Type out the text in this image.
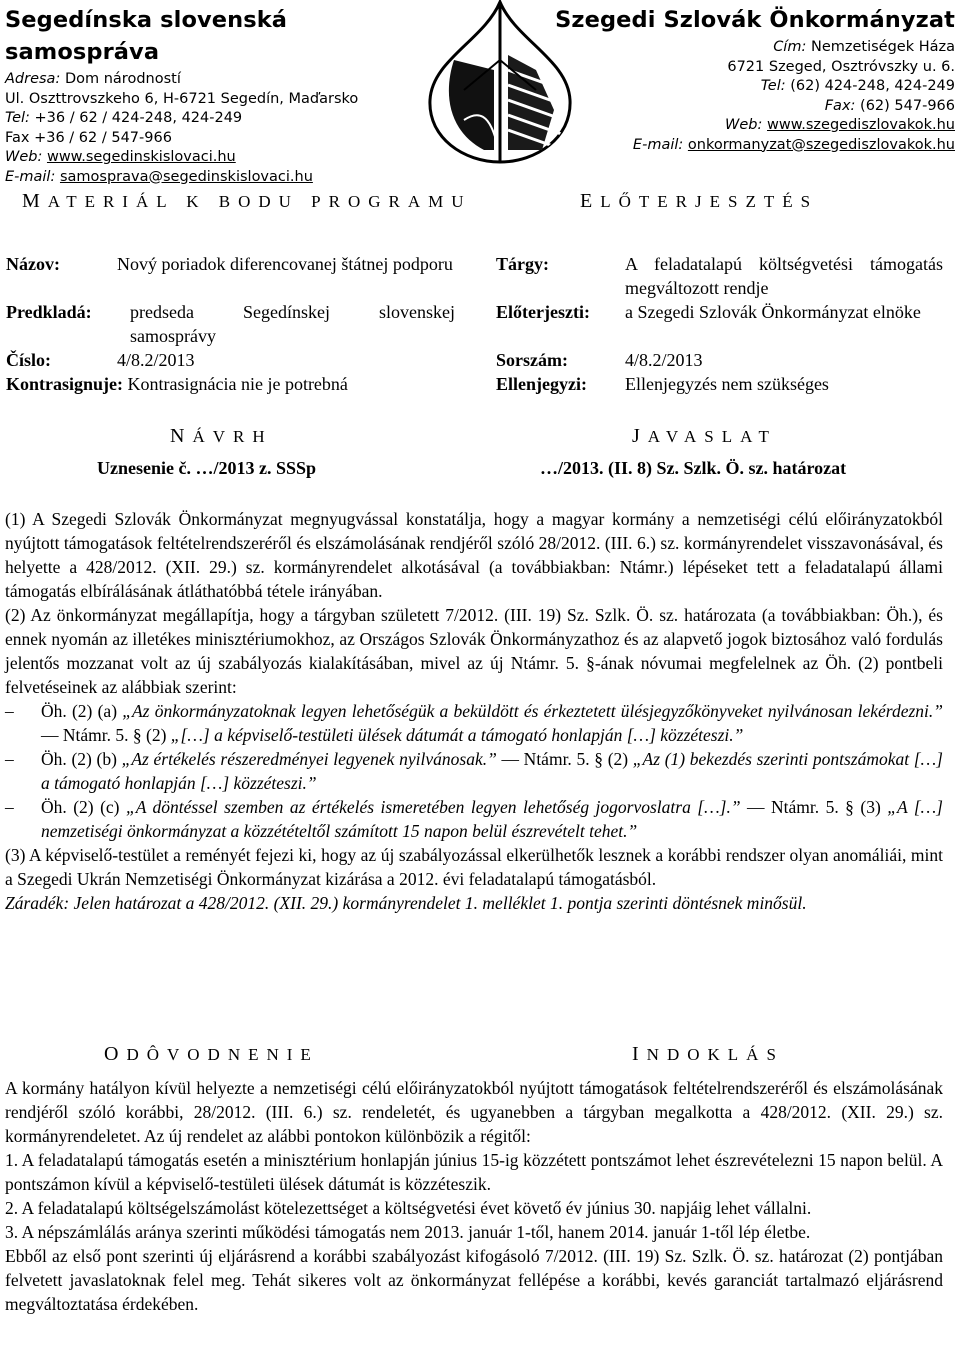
Segedínska slovenská samospráva
Adresa: Dom národností
Ul. Oszttrovszkeho 6, H-6721 Segedín, Maďarsko
Tel: +36 / 62 / 424-248, 424-249
Fax +36 / 62 / 547-966
Web: www.segedinskislovaci.hu
E-mail: samosprava@segedinskislovaci.hu
Szegedi Szlovák Önkormányzat
Cím: Nemzetiségek Háza
6721 Szeged, Osztróvszky u. 6.
Tel: (62) 424-248, 424-249
Fax: (62) 547-966
Web: www.szegediszlovakok.hu
E-mail: onkormanyzat@szegediszlovakok.hu
MATERIÁL K BODU PROGRAMU	ELŐTERJESZTÉS
Názov:	Nový poriadok diferencovanej štátnej podporu
Predkladá: predseda Segedínskej slovenskej samosprávy
Číslo:	4/8.2/2013
Kontrasignuje: Kontrasignácia nie je potrebná
Tárgy:	A feladatalapú költségvetési támogatás megváltozott rendje
Előterjeszti: a Szegedi Szlovák Önkormányzat elnöke
Sorszám:	4/8.2/2013
Ellenjegyzi: Ellenjegyzés nem szükséges
NÁVRH	JAVASLAT
Uznesenie č. …/2013 z. SSSp	…/2013. (II. 8) Sz. Szlk. Ö. sz. határozat

(1) A Szegedi Szlovák Önkormányzat megnyugvással konstatálja, hogy a magyar kormány a nemzetiségi célú előirányzatokból nyújtott támogatások feltételrendszeréről és elszámolásának rendjéről szóló 28/2012. (III. 6.) sz. kormányrendelet visszavonásával, és helyette a 428/2012. (XII. 29.) sz. kormányrendelet alkotásával (a továbbiakban: Ntámr.) lépéseket tett a feladatalapú állami támogatás elbírálásának átláthatóbbá tétele irányában.

(2) Az önkormányzat megállapítja, hogy a tárgyban született 7/2012. (III. 19) Sz. Szlk. Ö. sz. határozata (a továbbiakban: Öh.), és ennek nyomán az illetékes minisztériumokhoz, az Országos Szlovák Önkormányzathoz és az alapvető jogok biztosához való fordulás jelentős mozzanat volt az új szabályozás kialakításában, mivel az új Ntámr. 5. §-ának nóvumai megfelelnek az Öh. (2) pontbeli felvetéseinek az alábbiak szerint:

– Öh. (2) (a) „Az önkormányzatoknak legyen lehetőségük a beküldött és érkeztetett ülésjegyzőkönyveket nyilvánosan lekérdezni.” — Ntámr. 5. § (2) „[…] a képviselő-testületi ülések dátumát a támogató honlapján […] közzéteszi.”

– Öh. (2) (b) „Az értékelés részeredményei legyenek nyilvánosak.” — Ntámr. 5. § (2) „Az (1) bekezdés szerinti pontszámokat […] a támogató honlapján […] közzéteszi.”

– Öh. (2) (c) „A döntéssel szemben az értékelés ismeretében legyen lehetőség jogorvoslatra […].” — Ntámr. 5. § (3) „A […] nemzetiségi önkormányzat a közzétételtől számított 15 napon belül észrevételt tehet.”

(3) A képviselő-testület a reményét fejezi ki, hogy az új szabályozással elkerülhetők lesznek a korábbi rendszer olyan anomáliái, mint a Szegedi Ukrán Nemzetiségi Önkormányzat kizárása a 2012. évi feladatalapú támogatásból.

Záradék: Jelen határozat a 428/2012. (XII. 29.) kormányrendelet 1. melléklet 1. pontja szerinti döntésnek minősül.

ODÔVODNENIE	INDOKLÁS

A kormány hatályon kívül helyezte a nemzetiségi célú előirányzatokból nyújtott támogatások feltételrendszeréről és elszámolásának rendjéről szóló korábbi, 28/2012. (III. 6.) sz. rendeletét, és ugyanebben a tárgyban megalkotta a 428/2012. (XII. 29.) sz. kormányrendeletet. Az új rendelet az alábbi pontokon különbözik a régitől:

1. A feladatalapú támogatás esetén a minisztérium honlapján június 15-ig közzétett pontszámot lehet észrevételezni 15 napon belül. A pontszámon kívül a képviselő-testületi ülések dátumát is közzéteszik.

2. A feladatalapú költségelszámolást kötelezettséget a költségvetési évet követő év június 30. napjáig lehet vállalni.

3. A népszámlálás aránya szerinti működési támogatás nem 2013. január 1-től, hanem 2014. január 1-től lép életbe.

Ebből az első pont szerinti új eljárásrend a korábbi szabályozást kifogásoló 7/2012. (III. 19) Sz. Szlk. Ö. sz. határozat (2) pontjában felvetett javaslatoknak felel meg. Tehát sikeres volt az önkormányzat fellépése a korábbi, kevés garanciát tartalmazó eljárásrend megváltoztatása érdekében.
